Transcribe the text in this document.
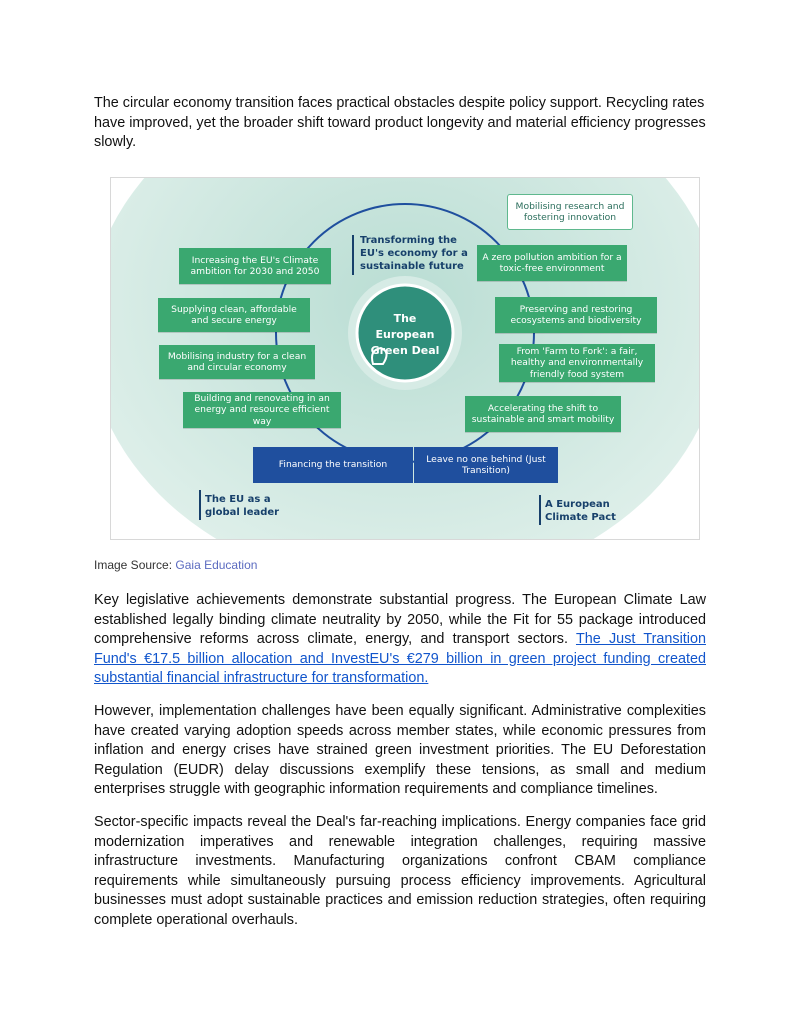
The circular economy transition faces practical obstacles despite policy support. Recycling rates have improved, yet the broader shift toward product longevity and material efficiency progresses slowly.

The European Green Deal
Transforming the EU's economy for a sustainable future
The EU as a global leader
A European Climate Pact
Increasing the EU's Climate ambition for 2030 and 2050
Supplying clean, affordable and secure energy
Mobilising industry for a clean and circular economy
Building and renovating in an energy and resource efficient way
Mobilising research and fostering innovation
A zero pollution ambition for a toxic-free environment
Preserving and restoring ecosystems and biodiversity
From 'Farm to Fork': a fair, healthy and environmentally friendly food system
Accelerating the shift to sustainable and smart mobility
Financing the transition
Leave no one behind (Just Transition)

Image Source: Gaia Education

Key legislative achievements demonstrate substantial progress. The European Climate Law established legally binding climate neutrality by 2050, while the Fit for 55 package introduced comprehensive reforms across climate, energy, and transport sectors. The Just Transition Fund's €17.5 billion allocation and InvestEU's €279 billion in green project funding created substantial financial infrastructure for transformation.

However, implementation challenges have been equally significant. Administrative complexities have created varying adoption speeds across member states, while economic pressures from inflation and energy crises have strained green investment priorities. The EU Deforestation Regulation (EUDR) delay discussions exemplify these tensions, as small and medium enterprises struggle with geographic information requirements and compliance timelines.

Sector-specific impacts reveal the Deal's far-reaching implications. Energy companies face grid modernization imperatives and renewable integration challenges, requiring massive infrastructure investments. Manufacturing organizations confront CBAM compliance requirements while simultaneously pursuing process efficiency improvements. Agricultural businesses must adopt sustainable practices and emission reduction strategies, often requiring complete operational overhauls.
